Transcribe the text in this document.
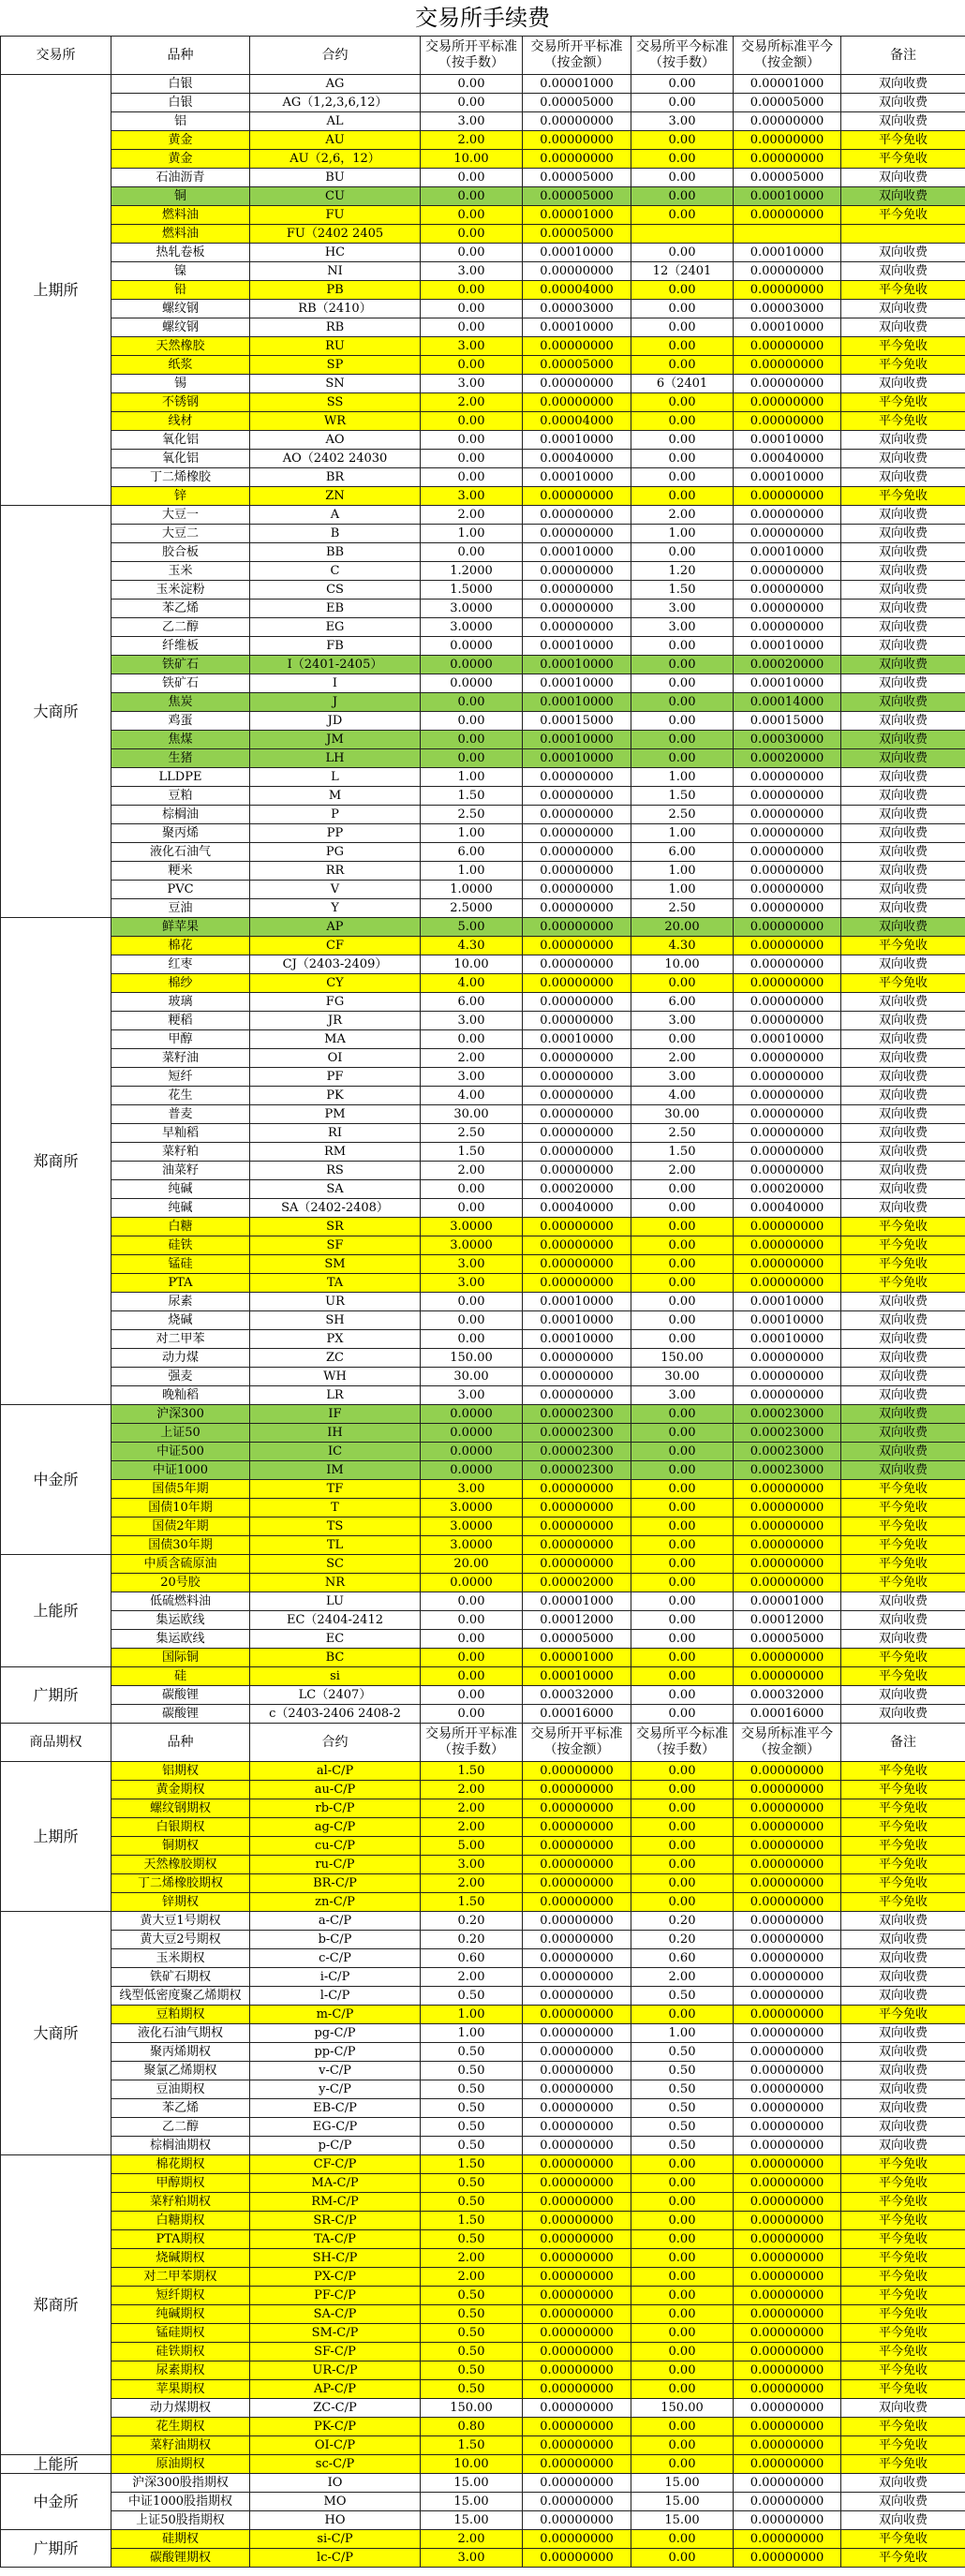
交易所手续费
交易所	品种	合约	交易所开平标准（按手数）	交易所开平标准（按金额）	交易所平今标准（按手数）	交易所标准平今（按金额）	备注
上期所	白银	AG	0.00	0.00001000	0.00	0.00001000	双向收费
	白银	AG（1,2,3,6,12）	0.00	0.00005000	0.00	0.00005000	双向收费
	铝	AL	3.00	0.00000000	3.00	0.00000000	双向收费
	黄金	AU	2.00	0.00000000	0.00	0.00000000	平今免收
	黄金	AU（2,6，12）	10.00	0.00000000	0.00	0.00000000	平今免收
	石油沥青	BU	0.00	0.00005000	0.00	0.00005000	双向收费
	铜	CU	0.00	0.00005000	0.00	0.00010000	双向收费
	燃料油	FU	0.00	0.00001000	0.00	0.00000000	平今免收
	燃料油	FU（2402 2405	0.00	0.00005000			
	热轧卷板	HC	0.00	0.00010000	0.00	0.00010000	双向收费
	镍	NI	3.00	0.00000000	12（2401	0.00000000	双向收费
	铅	PB	0.00	0.00004000	0.00	0.00000000	平今免收
	螺纹钢	RB（2410）	0.00	0.00003000	0.00	0.00003000	双向收费
	螺纹钢	RB	0.00	0.00010000	0.00	0.00010000	双向收费
	天然橡胶	RU	3.00	0.00000000	0.00	0.00000000	平今免收
	纸浆	SP	0.00	0.00005000	0.00	0.00000000	平今免收
	锡	SN	3.00	0.00000000	6（2401	0.00000000	双向收费
	不锈钢	SS	2.00	0.00000000	0.00	0.00000000	平今免收
	线材	WR	0.00	0.00004000	0.00	0.00000000	平今免收
	氧化铝	AO	0.00	0.00010000	0.00	0.00010000	双向收费
	氧化铝	AO（2402 24030	0.00	0.00040000	0.00	0.00040000	双向收费
	丁二烯橡胶	BR	0.00	0.00010000	0.00	0.00010000	双向收费
	锌	ZN	3.00	0.00000000	0.00	0.00000000	平今免收
大商所	大豆一	A	2.00	0.00000000	2.00	0.00000000	双向收费
	大豆二	B	1.00	0.00000000	1.00	0.00000000	双向收费
	胶合板	BB	0.00	0.00010000	0.00	0.00010000	双向收费
	玉米	C	1.2000	0.00000000	1.20	0.00000000	双向收费
	玉米淀粉	CS	1.5000	0.00000000	1.50	0.00000000	双向收费
	苯乙烯	EB	3.0000	0.00000000	3.00	0.00000000	双向收费
	乙二醇	EG	3.0000	0.00000000	3.00	0.00000000	双向收费
	纤维板	FB	0.0000	0.00010000	0.00	0.00010000	双向收费
	铁矿石	I（2401-2405）	0.0000	0.00010000	0.00	0.00020000	双向收费
	铁矿石	I	0.0000	0.00010000	0.00	0.00010000	双向收费
	焦炭	J	0.00	0.00010000	0.00	0.00014000	双向收费
	鸡蛋	JD	0.00	0.00015000	0.00	0.00015000	双向收费
	焦煤	JM	0.00	0.00010000	0.00	0.00030000	双向收费
	生猪	LH	0.00	0.00010000	0.00	0.00020000	双向收费
	LLDPE	L	1.00	0.00000000	1.00	0.00000000	双向收费
	豆粕	M	1.50	0.00000000	1.50	0.00000000	双向收费
	棕榈油	P	2.50	0.00000000	2.50	0.00000000	双向收费
	聚丙烯	PP	1.00	0.00000000	1.00	0.00000000	双向收费
	液化石油气	PG	6.00	0.00000000	6.00	0.00000000	双向收费
	粳米	RR	1.00	0.00000000	1.00	0.00000000	双向收费
	PVC	V	1.0000	0.00000000	1.00	0.00000000	双向收费
	豆油	Y	2.5000	0.00000000	2.50	0.00000000	双向收费
郑商所	鲜苹果	AP	5.00	0.00000000	20.00	0.00000000	双向收费
	棉花	CF	4.30	0.00000000	4.30	0.00000000	平今免收
	红枣	CJ（2403-2409）	10.00	0.00000000	10.00	0.00000000	双向收费
	棉纱	CY	4.00	0.00000000	0.00	0.00000000	平今免收
	玻璃	FG	6.00	0.00000000	6.00	0.00000000	双向收费
	粳稻	JR	3.00	0.00000000	3.00	0.00000000	双向收费
	甲醇	MA	0.00	0.00010000	0.00	0.00010000	双向收费
	菜籽油	OI	2.00	0.00000000	2.00	0.00000000	双向收费
	短纤	PF	3.00	0.00000000	3.00	0.00000000	双向收费
	花生	PK	4.00	0.00000000	4.00	0.00000000	双向收费
	普麦	PM	30.00	0.00000000	30.00	0.00000000	双向收费
	早籼稻	RI	2.50	0.00000000	2.50	0.00000000	双向收费
	菜籽粕	RM	1.50	0.00000000	1.50	0.00000000	双向收费
	油菜籽	RS	2.00	0.00000000	2.00	0.00000000	双向收费
	纯碱	SA	0.00	0.00020000	0.00	0.00020000	双向收费
	纯碱	SA（2402-2408）	0.00	0.00040000	0.00	0.00040000	双向收费
	白糖	SR	3.0000	0.00000000	0.00	0.00000000	平今免收
	硅铁	SF	3.0000	0.00000000	0.00	0.00000000	平今免收
	锰硅	SM	3.00	0.00000000	0.00	0.00000000	平今免收
	PTA	TA	3.00	0.00000000	0.00	0.00000000	平今免收
	尿素	UR	0.00	0.00010000	0.00	0.00010000	双向收费
	烧碱	SH	0.00	0.00010000	0.00	0.00010000	双向收费
	对二甲苯	PX	0.00	0.00010000	0.00	0.00010000	双向收费
	动力煤	ZC	150.00	0.00000000	150.00	0.00000000	双向收费
	强麦	WH	30.00	0.00000000	30.00	0.00000000	双向收费
	晚籼稻	LR	3.00	0.00000000	3.00	0.00000000	双向收费
中金所	沪深300	IF	0.0000	0.00002300	0.00	0.00023000	双向收费
	上证50	IH	0.0000	0.00002300	0.00	0.00023000	双向收费
	中证500	IC	0.0000	0.00002300	0.00	0.00023000	双向收费
	中证1000	IM	0.0000	0.00002300	0.00	0.00023000	双向收费
	国债5年期	TF	3.00	0.00000000	0.00	0.00000000	平今免收
	国债10年期	T	3.0000	0.00000000	0.00	0.00000000	平今免收
	国债2年期	TS	3.0000	0.00000000	0.00	0.00000000	平今免收
	国债30年期	TL	3.0000	0.00000000	0.00	0.00000000	平今免收
上能所	中质含硫原油	SC	20.00	0.00000000	0.00	0.00000000	平今免收
	20号胶	NR	0.0000	0.00002000	0.00	0.00000000	平今免收
	低硫燃料油	LU	0.00	0.00001000	0.00	0.00001000	双向收费
	集运欧线	EC（2404-2412	0.00	0.00012000	0.00	0.00012000	双向收费
	集运欧线	EC	0.00	0.00005000	0.00	0.00005000	双向收费
	国际铜	BC	0.00	0.00001000	0.00	0.00000000	平今免收
广期所	硅	si	0.00	0.00010000	0.00	0.00000000	平今免收
	碳酸锂	LC（2407）	0.00	0.00032000	0.00	0.00032000	双向收费
	碳酸锂	c（2403-2406 2408-2	0.00	0.00016000	0.00	0.00016000	双向收费
商品期权	品种	合约	交易所开平标准（按手数）	交易所开平标准（按金额）	交易所平今标准（按手数）	交易所标准平今（按金额）	备注
上期所	铝期权	al-C/P	1.50	0.00000000	0.00	0.00000000	平今免收
	黄金期权	au-C/P	2.00	0.00000000	0.00	0.00000000	平今免收
	螺纹钢期权	rb-C/P	2.00	0.00000000	0.00	0.00000000	平今免收
	白银期权	ag-C/P	2.00	0.00000000	0.00	0.00000000	平今免收
	铜期权	cu-C/P	5.00	0.00000000	0.00	0.00000000	平今免收
	天然橡胶期权	ru-C/P	3.00	0.00000000	0.00	0.00000000	平今免收
	丁二烯橡胶期权	BR-C/P	2.00	0.00000000	0.00	0.00000000	平今免收
	锌期权	zn-C/P	1.50	0.00000000	0.00	0.00000000	平今免收
大商所	黄大豆1号期权	a-C/P	0.20	0.00000000	0.20	0.00000000	双向收费
	黄大豆2号期权	b-C/P	0.20	0.00000000	0.20	0.00000000	双向收费
	玉米期权	c-C/P	0.60	0.00000000	0.60	0.00000000	双向收费
	铁矿石期权	i-C/P	2.00	0.00000000	2.00	0.00000000	双向收费
	线型低密度聚乙烯期权	l-C/P	0.50	0.00000000	0.50	0.00000000	双向收费
	豆粕期权	m-C/P	1.00	0.00000000	0.00	0.00000000	平今免收
	液化石油气期权	pg-C/P	1.00	0.00000000	1.00	0.00000000	双向收费
	聚丙烯期权	pp-C/P	0.50	0.00000000	0.50	0.00000000	双向收费
	聚氯乙烯期权	v-C/P	0.50	0.00000000	0.50	0.00000000	双向收费
	豆油期权	y-C/P	0.50	0.00000000	0.50	0.00000000	双向收费
	苯乙烯	EB-C/P	0.50	0.00000000	0.50	0.00000000	双向收费
	乙二醇	EG-C/P	0.50	0.00000000	0.50	0.00000000	双向收费
	棕榈油期权	p-C/P	0.50	0.00000000	0.50	0.00000000	双向收费
郑商所	棉花期权	CF-C/P	1.50	0.00000000	0.00	0.00000000	平今免收
	甲醇期权	MA-C/P	0.50	0.00000000	0.00	0.00000000	平今免收
	菜籽粕期权	RM-C/P	0.50	0.00000000	0.00	0.00000000	平今免收
	白糖期权	SR-C/P	1.50	0.00000000	0.00	0.00000000	平今免收
	PTA期权	TA-C/P	0.50	0.00000000	0.00	0.00000000	平今免收
	烧碱期权	SH-C/P	2.00	0.00000000	0.00	0.00000000	平今免收
	对二甲苯期权	PX-C/P	2.00	0.00000000	0.00	0.00000000	平今免收
	短纤期权	PF-C/P	0.50	0.00000000	0.00	0.00000000	平今免收
	纯碱期权	SA-C/P	0.50	0.00000000	0.00	0.00000000	平今免收
	锰硅期权	SM-C/P	0.50	0.00000000	0.00	0.00000000	平今免收
	硅铁期权	SF-C/P	0.50	0.00000000	0.00	0.00000000	平今免收
	尿素期权	UR-C/P	0.50	0.00000000	0.00	0.00000000	平今免收
	苹果期权	AP-C/P	0.50	0.00000000	0.00	0.00000000	平今免收
	动力煤期权	ZC-C/P	150.00	0.00000000	150.00	0.00000000	双向收费
	花生期权	PK-C/P	0.80	0.00000000	0.00	0.00000000	平今免收
	菜籽油期权	OI-C/P	1.50	0.00000000	0.00	0.00000000	平今免收
上能所	原油期权	sc-C/P	10.00	0.00000000	0.00	0.00000000	平今免收
中金所	沪深300股指期权	IO	15.00	0.00000000	15.00	0.00000000	双向收费
	中证1000股指期权	MO	15.00	0.00000000	15.00	0.00000000	双向收费
	上证50股指期权	HO	15.00	0.00000000	15.00	0.00000000	双向收费
广期所	硅期权	si-C/P	2.00	0.00000000	0.00	0.00000000	平今免收
	碳酸锂期权	lc-C/P	3.00	0.00000000	0.00	0.00000000	平今免收
